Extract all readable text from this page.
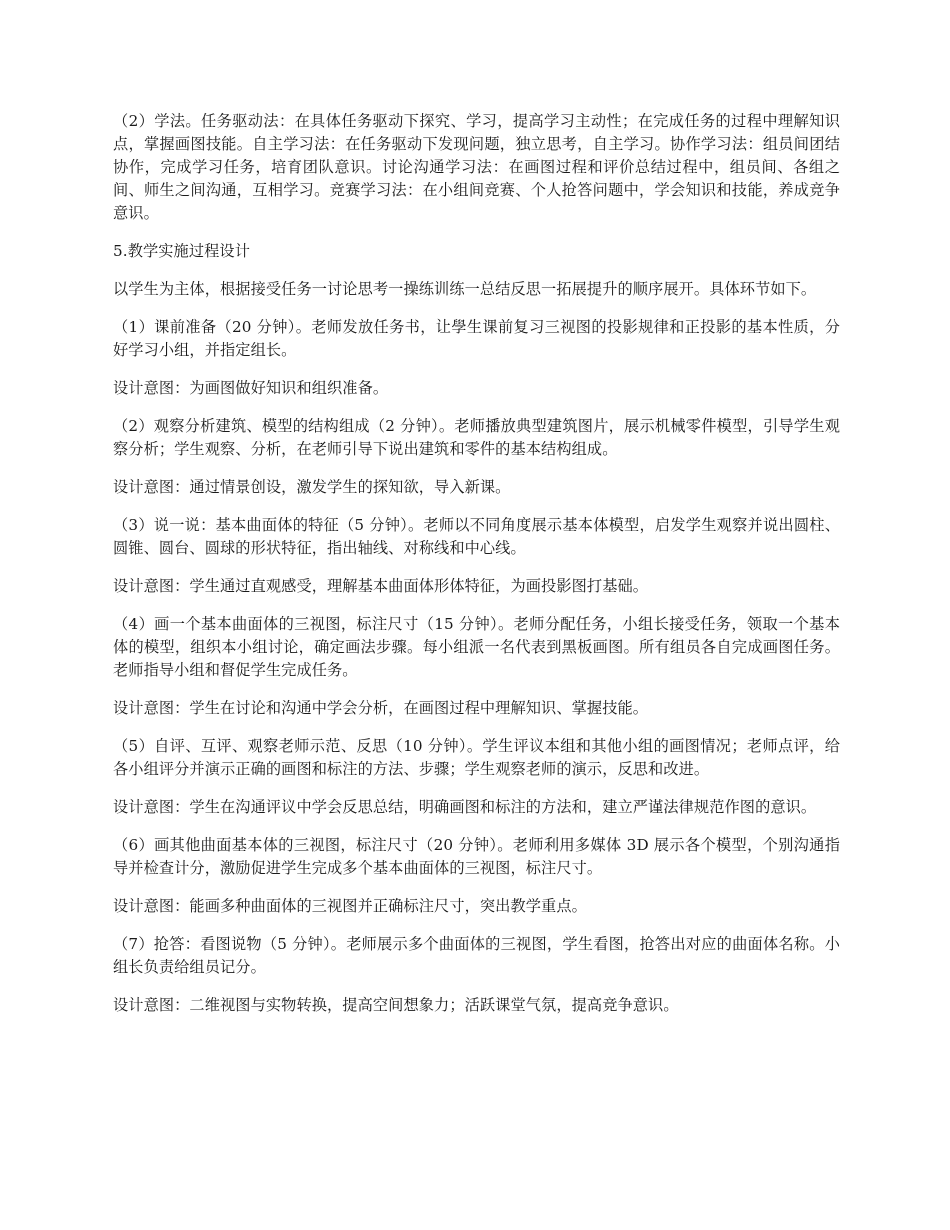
（2）学法。任务驱动法：在具体任务驱动下探究、学习，提高学习主动性；在完成任务的过程中理解知识点，掌握画图技能。自主学习法：在任务驱动下发现问题，独立思考，自主学习。协作学习法：组员间团结协作，完成学习任务，培育团队意识。讨论沟通学习法：在画图过程和评价总结过程中，组员间、各组之间、师生之间沟通，互相学习。竞赛学习法：在小组间竞赛、个人抢答问题中，学会知识和技能，养成竞争意识。

5.教学实施过程设计

以学生为主体，根据接受任务一讨论思考一操练训练一总结反思一拓展提升的顺序展开。具体环节如下。

（1）课前准备（20 分钟）。老师发放任务书，让學生课前复习三视图的投影规律和正投影的基本性质，分好学习小组，并指定组长。

设计意图：为画图做好知识和组织准备。

（2）观察分析建筑、模型的结构组成（2 分钟）。老师播放典型建筑图片，展示机械零件模型，引导学生观察分析；学生观察、分析，在老师引导下说出建筑和零件的基本结构组成。

设计意图：通过情景创设，激发学生的探知欲，导入新课。

（3）说一说：基本曲面体的特征（5 分钟）。老师以不同角度展示基本体模型，启发学生观察并说出圆柱、圆锥、圆台、圆球的形状特征，指出轴线、对称线和中心线。

设计意图：学生通过直观感受，理解基本曲面体形体特征，为画投影图打基础。

（4）画一个基本曲面体的三视图，标注尺寸（15 分钟）。老师分配任务，小组长接受任务，领取一个基本体的模型，组织本小组讨论，确定画法步骤。每小组派一名代表到黑板画图。所有组员各自完成画图任务。老师指导小组和督促学生完成任务。

设计意图：学生在讨论和沟通中学会分析，在画图过程中理解知识、掌握技能。

（5）自评、互评、观察老师示范、反思（10 分钟）。学生评议本组和其他小组的画图情况；老师点评，给各小组评分并演示正确的画图和标注的方法、步骤；学生观察老师的演示，反思和改进。

设计意图：学生在沟通评议中学会反思总结，明确画图和标注的方法和，建立严谨法律规范作图的意识。

（6）画其他曲面基本体的三视图，标注尺寸（20 分钟）。老师利用多媒体 3D 展示各个模型，个别沟通指导并检查计分，激励促进学生完成多个基本曲面体的三视图，标注尺寸。

设计意图：能画多种曲面体的三视图并正确标注尺寸，突出教学重点。

（7）抢答：看图说物（5 分钟）。老师展示多个曲面体的三视图，学生看图，抢答出对应的曲面体名称。小组长负责给组员记分。

设计意图：二维视图与实物转换，提高空间想象力；活跃课堂气氛，提高竞争意识。
